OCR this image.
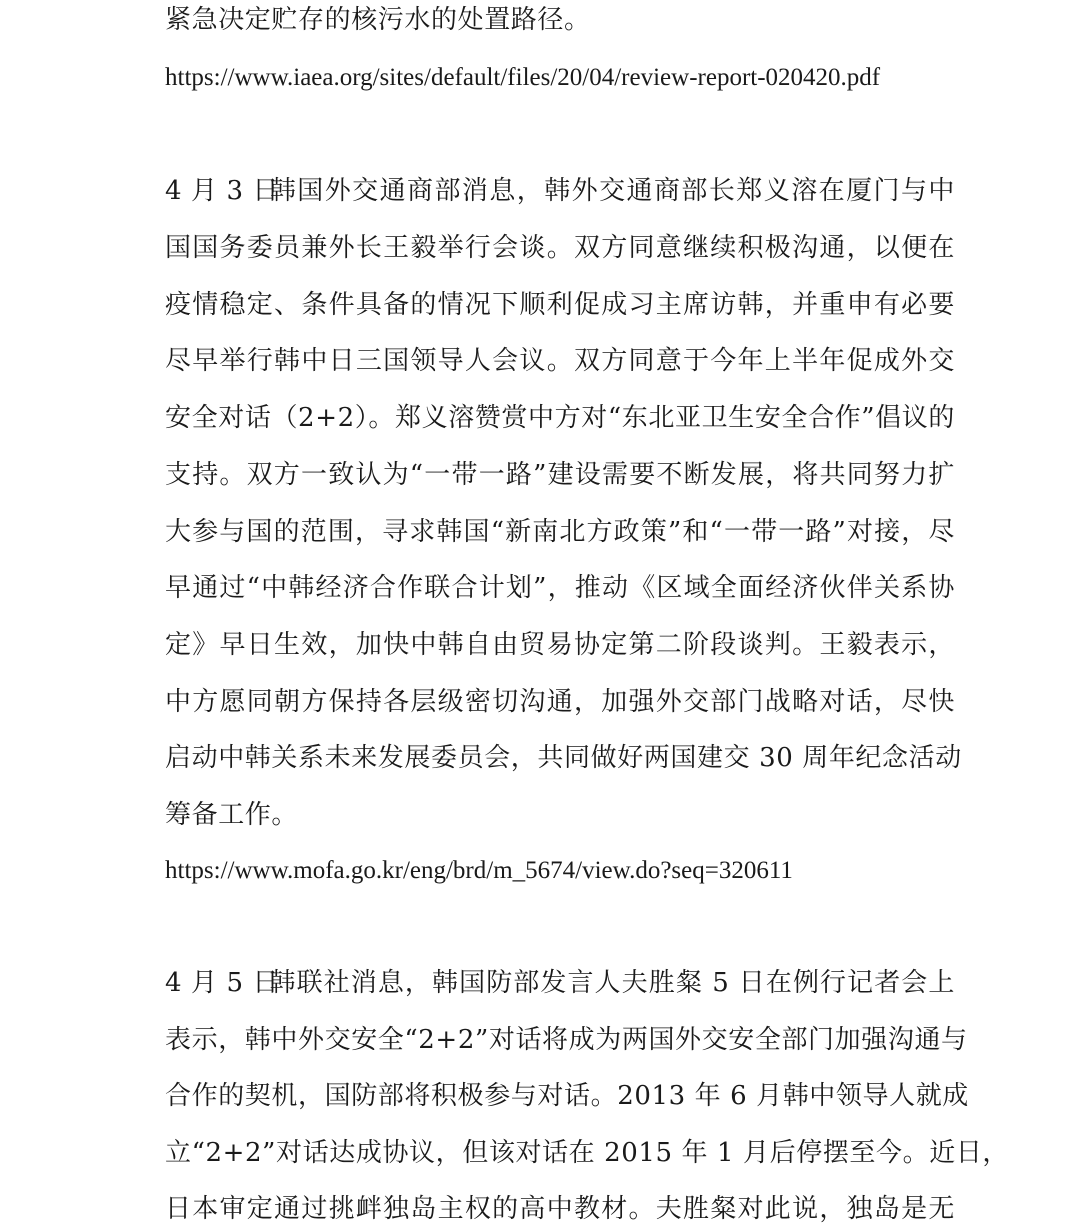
紧急决定贮存的核污水的处置路径。
https://www.iaea.org/sites/default/files/20/04/review-report-020420.pdf
4 月 3 日韩国外交通商部消息，韩外交通商部长郑义溶在厦门与中
国国务委员兼外长王毅举行会谈。双方同意继续积极沟通，以便在
疫情稳定、条件具备的情况下顺利促成习主席访韩，并重申有必要
尽早举行韩中日三国领导人会议。双方同意于今年上半年促成外交
安全对话（2+2）。郑义溶赞赏中方对“东北亚卫生安全合作”倡议的
支持。双方一致认为“一带一路”建设需要不断发展，将共同努力扩
大参与国的范围，寻求韩国“新南北方政策”和“一带一路”对接，尽
早通过“中韩经济合作联合计划”，推动《区域全面经济伙伴关系协
定》早日生效，加快中韩自由贸易协定第二阶段谈判。王毅表示，
中方愿同朝方保持各层级密切沟通，加强外交部门战略对话，尽快
启动中韩关系未来发展委员会，共同做好两国建交 30 周年纪念活动
筹备工作。
https://www.mofa.go.kr/eng/brd/m_5674/view.do?seq=320611
4 月 5 日韩联社消息，韩国防部发言人夫胜粲 5 日在例行记者会上
表示，韩中外交安全“2+2”对话将成为两国外交安全部门加强沟通与
合作的契机，国防部将积极参与对话。2013 年 6 月韩中领导人就成
立“2+2”对话达成协议，但该对话在 2015 年 1 月后停摆至今。近日，
日本审定通过挑衅独岛主权的高中教材。夫胜粲对此说，独岛是无
